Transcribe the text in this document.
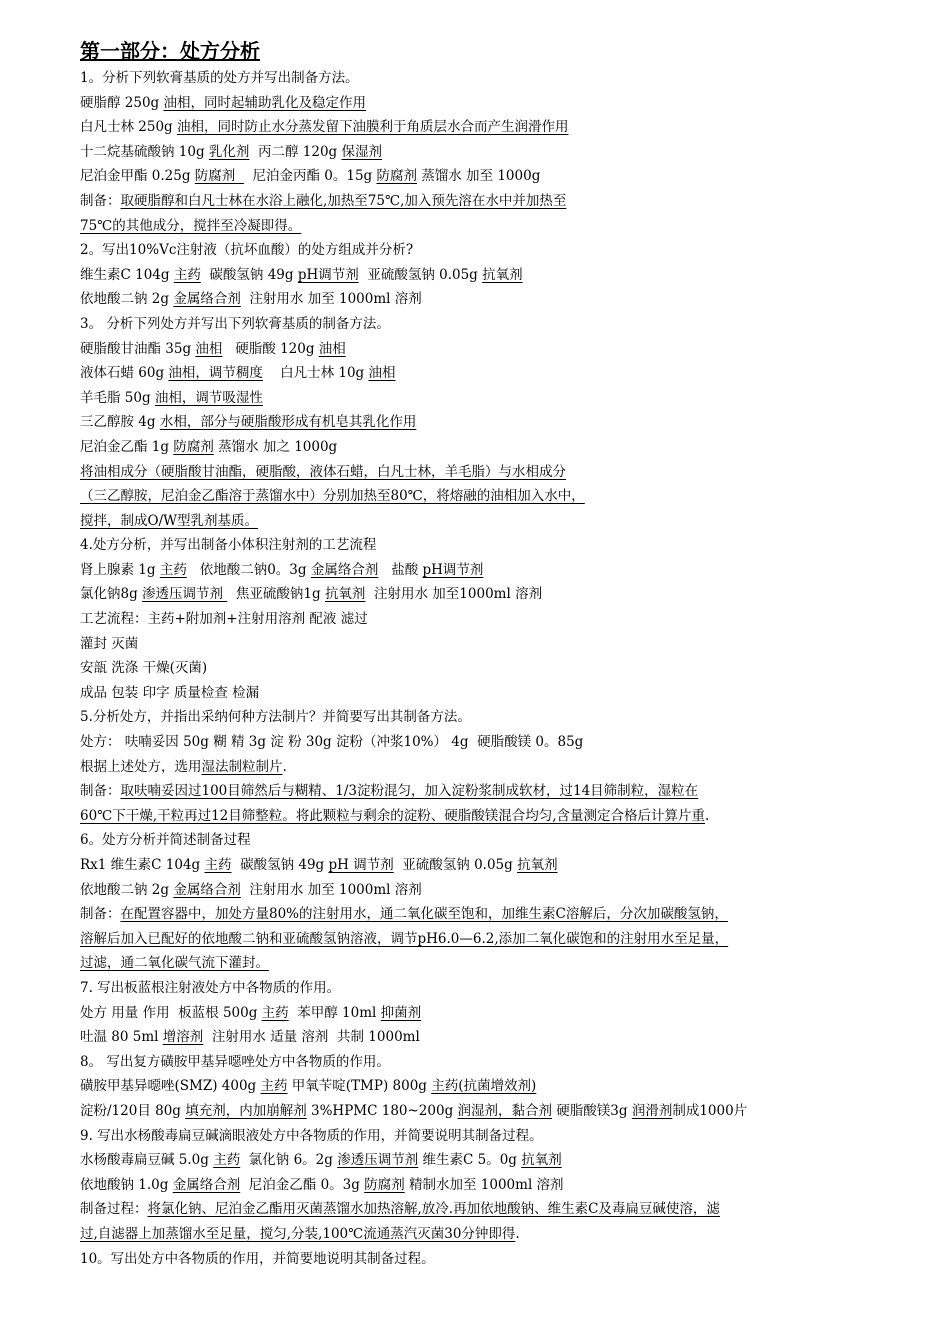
第一部分：处方分析
1。分析下列软膏基质的处方并写出制备方法。
硬脂醇 250g 油相，同时起辅助乳化及稳定作用
白凡士林 250g 油相，同时防止水分蒸发留下油膜利于角质层水合而产生润滑作用
十二烷基硫酸钠 10g 乳化剂  丙二醇 120g 保湿剂
尼泊金甲酯 0.25g 防腐剂    尼泊金丙酯 0。15g 防腐剂 蒸馏水 加至 1000g
制备：取硬脂醇和白凡士林在水浴上融化,加热至75℃,加入预先溶在水中并加热至
75℃的其他成分，搅拌至冷凝即得。
2。写出10%Vc注射液（抗坏血酸）的处方组成并分析?
维生素C 104g 主药  碳酸氢钠 49g pH调节剂  亚硫酸氢钠 0.05g 抗氧剂
依地酸二钠 2g 金属络合剂  注射用水 加至 1000ml 溶剂
3。 分析下列处方并写出下列软膏基质的制备方法。
硬脂酸甘油酯 35g 油相   硬脂酸 120g 油相
液体石蜡 60g 油相，调节稠度    白凡士林 10g 油相
羊毛脂 50g 油相，调节吸湿性
三乙醇胺 4g 水相，部分与硬脂酸形成有机皂其乳化作用
尼泊金乙酯 1g 防腐剂 蒸馏水 加之 1000g
将油相成分（硬脂酸甘油酯，硬脂酸，液体石蜡，白凡士林，羊毛脂）与水相成分
（三乙醇胺，尼泊金乙酯溶于蒸馏水中）分别加热至80℃，将熔融的油相加入水中，
搅拌，制成O/W型乳剂基质。
4.处方分析，并写出制备小体积注射剂的工艺流程
肾上腺素 1g 主药   依地酸二钠0。3g 金属络合剂   盐酸 pH调节剂
氯化钠8g 渗透压调节剂   焦亚硫酸钠1g 抗氧剂  注射用水 加至1000ml 溶剂
工艺流程：主药+附加剂+注射用溶剂 配液 滤过
灌封 灭菌
安瓿 洗涤 干燥(灭菌)
成品 包装 印字 质量检查 检漏
5.分析处方，并指出采纳何种方法制片？并简要写出其制备方法。
处方： 呋喃妥因 50g 糊 精 3g 淀 粉 30g 淀粉（冲浆10%） 4g  硬脂酸镁 0。85g
根据上述处方，选用湿法制粒制片.
制备：取呋喃妥因过100目筛然后与糊精、1/3淀粉混匀，加入淀粉浆制成软材，过14目筛制粒，湿粒在
60℃下干燥,干粒再过12目筛整粒。将此颗粒与剩余的淀粉、硬脂酸镁混合均匀,含量测定合格后计算片重.
6。处方分析并简述制备过程
Rx1 维生素C 104g 主药  碳酸氢钠 49g pH 调节剂  亚硫酸氢钠 0.05g 抗氧剂
依地酸二钠 2g 金属络合剂  注射用水 加至 1000ml 溶剂
制备：在配置容器中，加处方量80%的注射用水，通二氧化碳至饱和，加维生素C溶解后，分次加碳酸氢钠，
溶解后加入已配好的依地酸二钠和亚硫酸氢钠溶液，调节pH6.0—6.2,添加二氧化碳饱和的注射用水至足量，
过滤，通二氧化碳气流下灌封。
7. 写出板蓝根注射液处方中各物质的作用。
处方 用量 作用  板蓝根 500g 主药  苯甲醇 10ml 抑菌剂
吐温 80 5ml 增溶剂  注射用水 适量 溶剂  共制 1000ml
8。 写出复方磺胺甲基异噁唑处方中各物质的作用。
磺胺甲基异噁唑(SMZ) 400g 主药 甲氧苄啶(TMP) 800g 主药(抗菌增效剂)
淀粉/120目 80g 填充剂，内加崩解剂 3%HPMC 180~200g 润湿剂，黏合剂 硬脂酸镁3g 润滑剂制成1000片
9. 写出水杨酸毒扁豆碱滴眼液处方中各物质的作用，并简要说明其制备过程。
水杨酸毒扁豆碱 5.0g 主药  氯化钠 6。2g 渗透压调节剂 维生素C 5。0g 抗氧剂
依地酸钠 1.0g 金属络合剂  尼泊金乙酯 0。3g 防腐剂 精制水加至 1000ml 溶剂
制备过程：将氯化钠、尼泊金乙酯用灭菌蒸馏水加热溶解,放冷.再加依地酸钠、维生素C及毒扁豆碱使溶，滤
过,自滤器上加蒸馏水至足量，搅匀,分装,100℃流通蒸汽灭菌30分钟即得.
10。写出处方中各物质的作用，并简要地说明其制备过程。
